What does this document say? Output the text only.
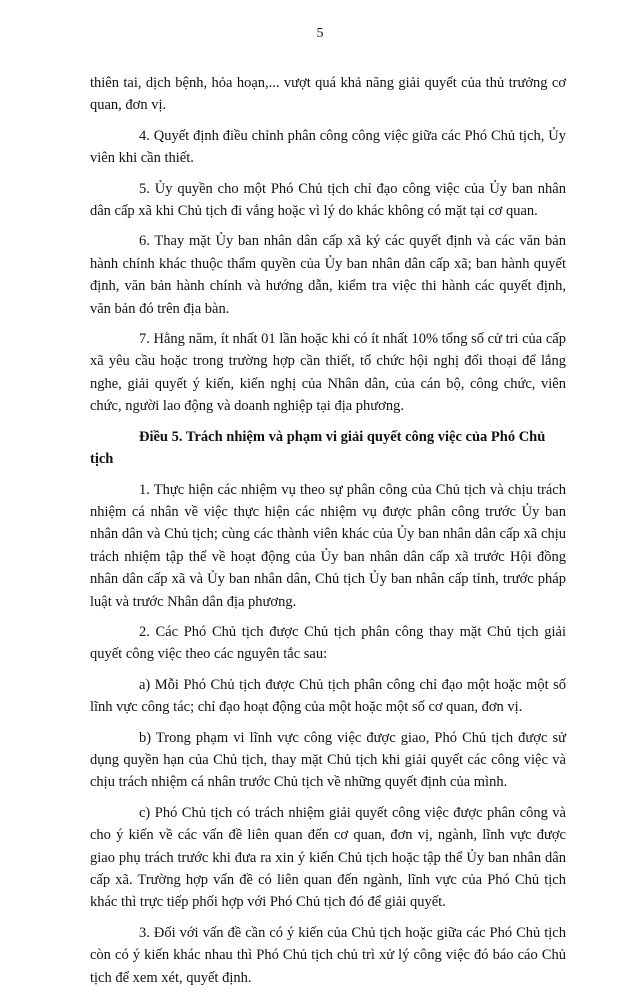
5

thiên tai, dịch bệnh, hỏa hoạn,... vượt quá khả năng giải quyết của thủ trưởng cơ quan, đơn vị.

4. Quyết định điều chỉnh phân công công việc giữa các Phó Chủ tịch, Ủy viên khi cần thiết.

5. Ủy quyền cho một Phó Chủ tịch chỉ đạo công việc của Ủy ban nhân dân cấp xã khi Chủ tịch đi vắng hoặc vì lý do khác không có mặt tại cơ quan.

6. Thay mặt Ủy ban nhân dân cấp xã ký các quyết định và các văn bản hành chính khác thuộc thẩm quyền của Ủy ban nhân dân cấp xã; ban hành quyết định, văn bản hành chính và hướng dẫn, kiểm tra việc thi hành các quyết định, văn bản đó trên địa bàn.

7. Hằng năm, ít nhất 01 lần hoặc khi có ít nhất 10% tổng số cử tri của cấp xã yêu cầu hoặc trong trường hợp cần thiết, tổ chức hội nghị đối thoại để lắng nghe, giải quyết ý kiến, kiến nghị của Nhân dân, của cán bộ, công chức, viên chức, người lao động và doanh nghiệp tại địa phương.

Điều 5. Trách nhiệm và phạm vi giải quyết công việc của Phó Chủ tịch

1. Thực hiện các nhiệm vụ theo sự phân công của Chủ tịch và chịu trách nhiệm cá nhân về việc thực hiện các nhiệm vụ được phân công trước Ủy ban nhân dân và Chủ tịch; cùng các thành viên khác của Ủy ban nhân dân cấp xã chịu trách nhiệm tập thể về hoạt động của Ủy ban nhân dân cấp xã trước Hội đồng nhân dân cấp xã và Ủy ban nhân dân, Chủ tịch Ủy ban nhân cấp tỉnh, trước pháp luật và trước Nhân dân địa phương.

2. Các Phó Chủ tịch được Chủ tịch phân công thay mặt Chủ tịch giải quyết công việc theo các nguyên tắc sau:

a) Mỗi Phó Chủ tịch được Chủ tịch phân công chỉ đạo một hoặc một số lĩnh vực công tác; chỉ đạo hoạt động của một hoặc một số cơ quan, đơn vị.

b) Trong phạm vi lĩnh vực công việc được giao, Phó Chủ tịch được sử dụng quyền hạn của Chủ tịch, thay mặt Chủ tịch khi giải quyết các công việc và chịu trách nhiệm cá nhân trước Chủ tịch về những quyết định của mình.

c) Phó Chủ tịch có trách nhiệm giải quyết công việc được phân công và cho ý kiến về các vấn đề liên quan đến cơ quan, đơn vị, ngành, lĩnh vực được giao phụ trách trước khi đưa ra xin ý kiến Chủ tịch hoặc tập thể Ủy ban nhân dân cấp xã. Trường hợp vấn đề có liên quan đến ngành, lĩnh vực của Phó Chủ tịch khác thì trực tiếp phối hợp với Phó Chủ tịch đó để giải quyết.

3. Đối với vấn đề cần có ý kiến của Chủ tịch hoặc giữa các Phó Chủ tịch còn có ý kiến khác nhau thì Phó Chủ tịch chủ trì xử lý công việc đó báo cáo Chủ tịch để xem xét, quyết định.
